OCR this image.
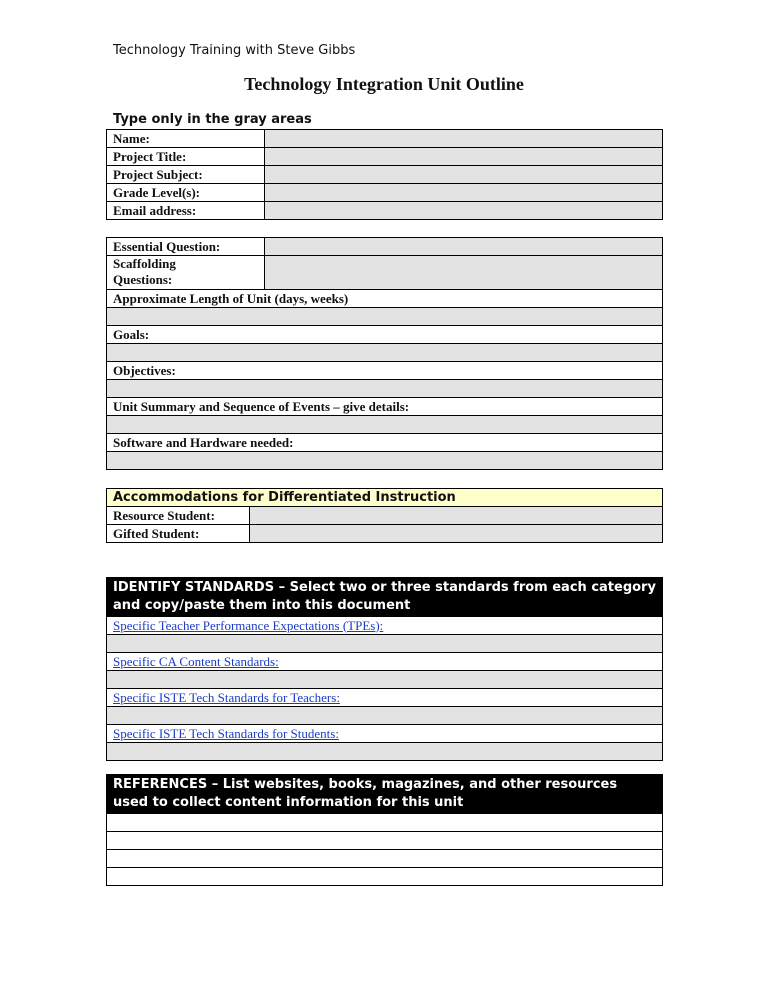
Technology Training with Steve Gibbs
Technology Integration Unit Outline
Type only in the gray areas
Name:	
Project Title:	
Project Subject:	
Grade Level(s):	
Email address:	
Essential Question:	
Scaffolding Questions:	
Approximate Length of Unit (days, weeks)	

Goals:	

Objectives:	

Unit Summary and Sequence of Events – give details:	

Software and Hardware needed:	

Accommodations for Differentiated Instruction	
Resource Student:	
Gifted Student:	
IDENTIFY STANDARDS – Select two or three standards from each category and copy/paste them into this document
Specific Teacher Performance Expectations (TPEs):

Specific CA Content Standards:

Specific ISTE Tech Standards for Teachers:

Specific ISTE Tech Standards for Students:

REFERENCES – List websites, books, magazines, and other resources used to collect content information for this unit
